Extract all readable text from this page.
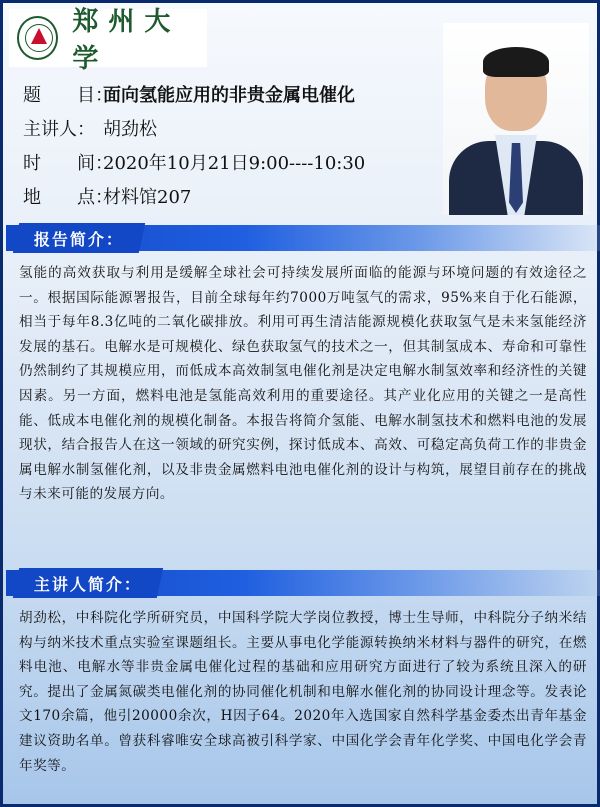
郑州大学
题　　目：
面向氢能应用的非贵金属电催化
主讲人： 胡劲松
时　　间：
2020年10月21日9:00----10:30
地　　点：
材料馆207
报告简介：
氢能的高效获取与利用是缓解全球社会可持续发展所面临的能源与环境问题的有效途径之一。根据国际能源署报告，目前全球每年约7000万吨氢气的需求，95%来自于化石能源，相当于每年8.3亿吨的二氧化碳排放。利用可再生清洁能源规模化获取氢气是未来氢能经济发展的基石。电解水是可规模化、绿色获取氢气的技术之一，但其制氢成本、寿命和可靠性仍然制约了其规模应用，而低成本高效制氢电催化剂是决定电解水制氢效率和经济性的关键因素。另一方面，燃料电池是氢能高效利用的重要途径。其产业化应用的关键之一是高性能、低成本电催化剂的规模化制备。本报告将简介氢能、电解水制氢技术和燃料电池的发展现状，结合报告人在这一领域的研究实例，探讨低成本、高效、可稳定高负荷工作的非贵金属电解水制氢催化剂，以及非贵金属燃料电池电催化剂的设计与构筑，展望目前存在的挑战与未来可能的发展方向。
主讲人简介：
胡劲松，中科院化学所研究员，中国科学院大学岗位教授，博士生导师，中科院分子纳米结构与纳米技术重点实验室课题组长。主要从事电化学能源转换纳米材料与器件的研究，在燃料电池、电解水等非贵金属电催化过程的基础和应用研究方面进行了较为系统且深入的研究。提出了金属氮碳类电催化剂的协同催化机制和电解水催化剂的协同设计理念等。发表论文170余篇，他引20000余次，H因子64。2020年入选国家自然科学基金委杰出青年基金建议资助名单。曾获科睿唯安全球高被引科学家、中国化学会青年化学奖、中国电化学会青年奖等。
